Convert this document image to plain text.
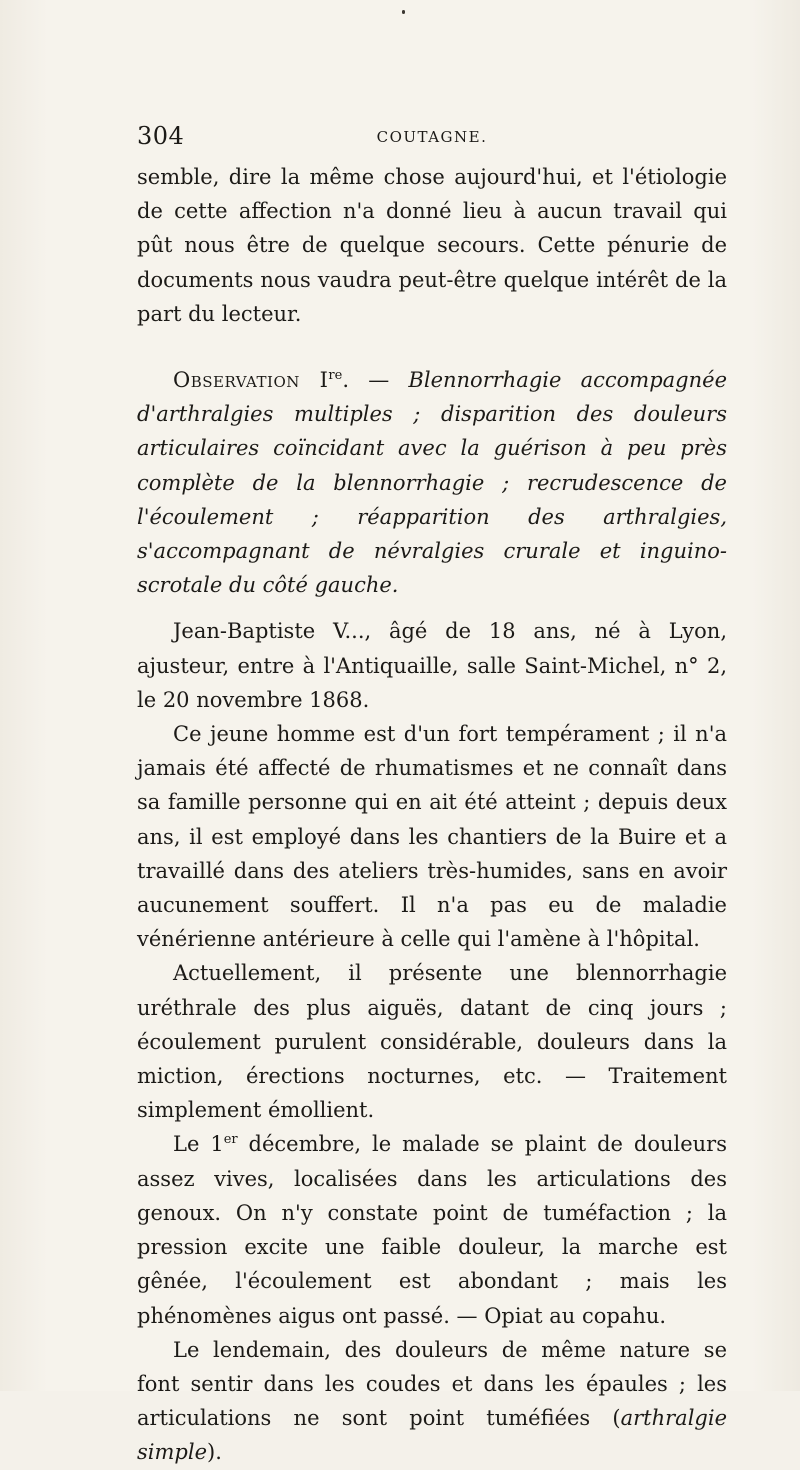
304	COUTAGNE.

semble, dire la même chose aujourd'hui, et l'étiologie de cette affection n'a donné lieu à aucun travail qui pût nous être de quelque secours. Cette pénurie de documents nous vaudra peut-être quelque intérêt de la part du lecteur.

Observation Ire. — Blennorrhagie accompagnée d'arthralgies multiples ; disparition des douleurs articulaires coïncidant avec la guérison à peu près complète de la blennorrhagie ; recrudescence de l'écoulement ; réapparition des arthralgies, s'accompagnant de névralgies crurale et inguino-scrotale du côté gauche.

Jean-Baptiste V..., âgé de 18 ans, né à Lyon, ajusteur, entre à l'Antiquaille, salle Saint-Michel, n° 2, le 20 novembre 1868.

Ce jeune homme est d'un fort tempérament ; il n'a jamais été affecté de rhumatismes et ne connaît dans sa famille personne qui en ait été atteint ; depuis deux ans, il est employé dans les chantiers de la Buire et a travaillé dans des ateliers très-humides, sans en avoir aucunement souffert. Il n'a pas eu de maladie vénérienne antérieure à celle qui l'amène à l'hôpital.

Actuellement, il présente une blennorrhagie uréthrale des plus aiguës, datant de cinq jours ; écoulement purulent considérable, douleurs dans la miction, érections nocturnes, etc. — Traitement simplement émollient.

Le 1er décembre, le malade se plaint de douleurs assez vives, localisées dans les articulations des genoux. On n'y constate point de tuméfaction ; la pression excite une faible douleur, la marche est gênée, l'écoulement est abondant ; mais les phénomènes aigus ont passé. — Opiat au copahu.

Le lendemain, des douleurs de même nature se font sentir dans les coudes et dans les épaules ; les articulations ne sont point tuméfiées (arthralgie simple).
